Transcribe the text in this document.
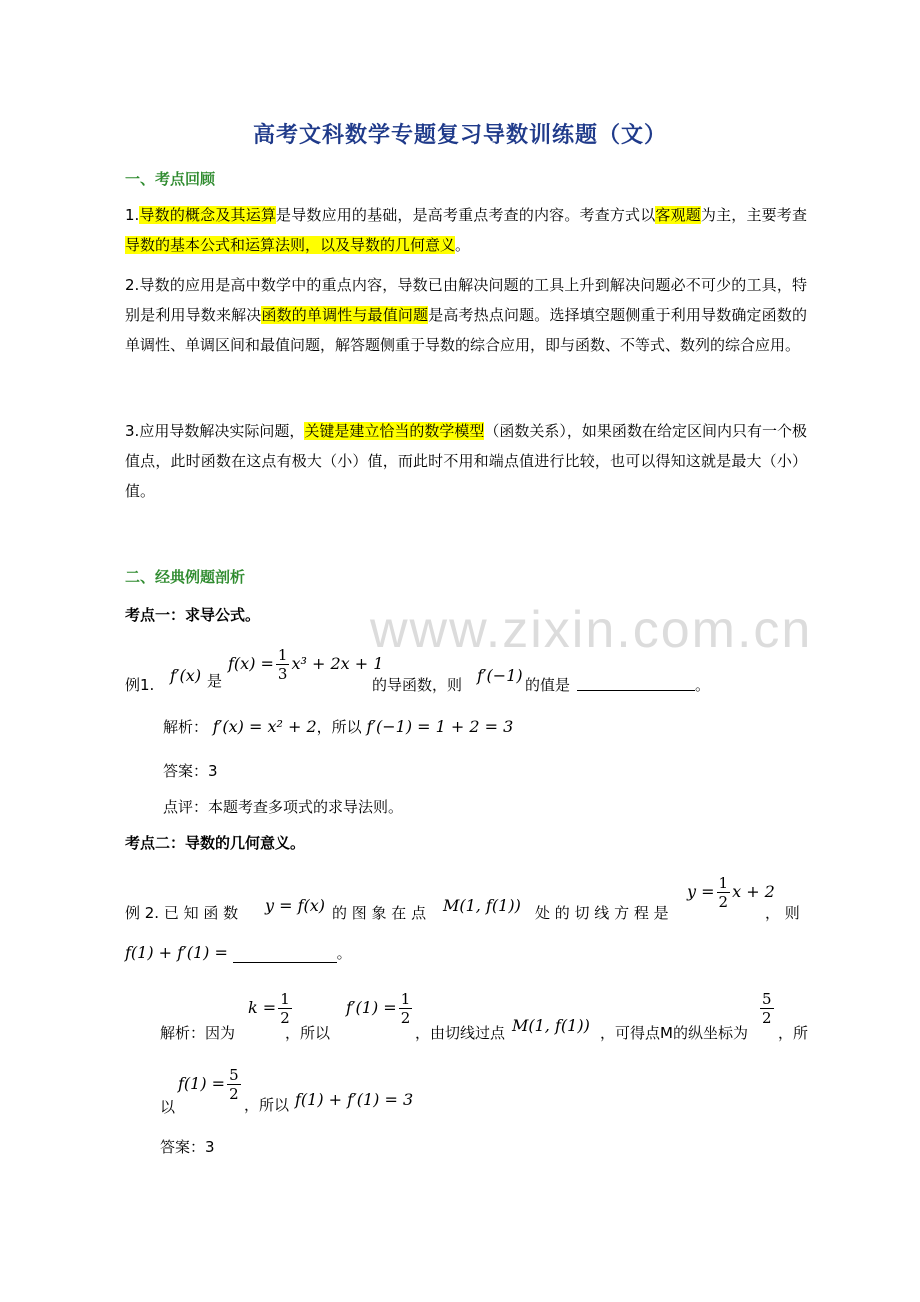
高考文科数学专题复习导数训练题（文）
一、考点回顾
1.导数的概念及其运算是导数应用的基础，是高考重点考查的内容。考查方式以客观题为主，主要考查导数的基本公式和运算法则，以及导数的几何意义。
2.导数的应用是高中数学中的重点内容，导数已由解决问题的工具上升到解决问题必不可少的工具，特别是利用导数来解决函数的单调性与最值问题是高考热点问题。选择填空题侧重于利用导数确定函数的单调性、单调区间和最值问题，解答题侧重于导数的综合应用，即与函数、不等式、数列的综合应用。
3.应用导数解决实际问题，关键是建立恰当的数学模型（函数关系），如果函数在给定区间内只有一个极值点，此时函数在这点有极大（小）值，而此时不用和端点值进行比较，也可以得知这就是最大（小）值。
二、经典例题剖析
考点一：求导公式。
例1. f′(x) 是
$f(x) = \frac{1}{3} x^3 + 2x + 1$
的导函数，则 f′(−1) 的值是	。
解析： f′(x) = x² + 2，所以 f′(−1) = 1 + 2 = 3
答案：3
点评：本题考查多项式的求导法则。
考点二：导数的几何意义。
例 2. 已 知 函 数 y = f(x) 的 图 象 在 点 M(1, f(1)) 处 的 切 线 方 程 是
$y = \frac{1}{2}$ x + 2
， 则
f(1) + f′(1) =	。
解析：因为
$k = \frac{1}{2}$
，所以
$f'(1) = \frac{1}{2}$
，由切线过点 M(1, f(1)) ，可得点M的纵坐标为
$\frac{5}{2}$
，所
以
$f(1) = \frac{5}{2}$
，所以 f(1) + f′(1) = 3
答案：3
www.zixin.com.cn
